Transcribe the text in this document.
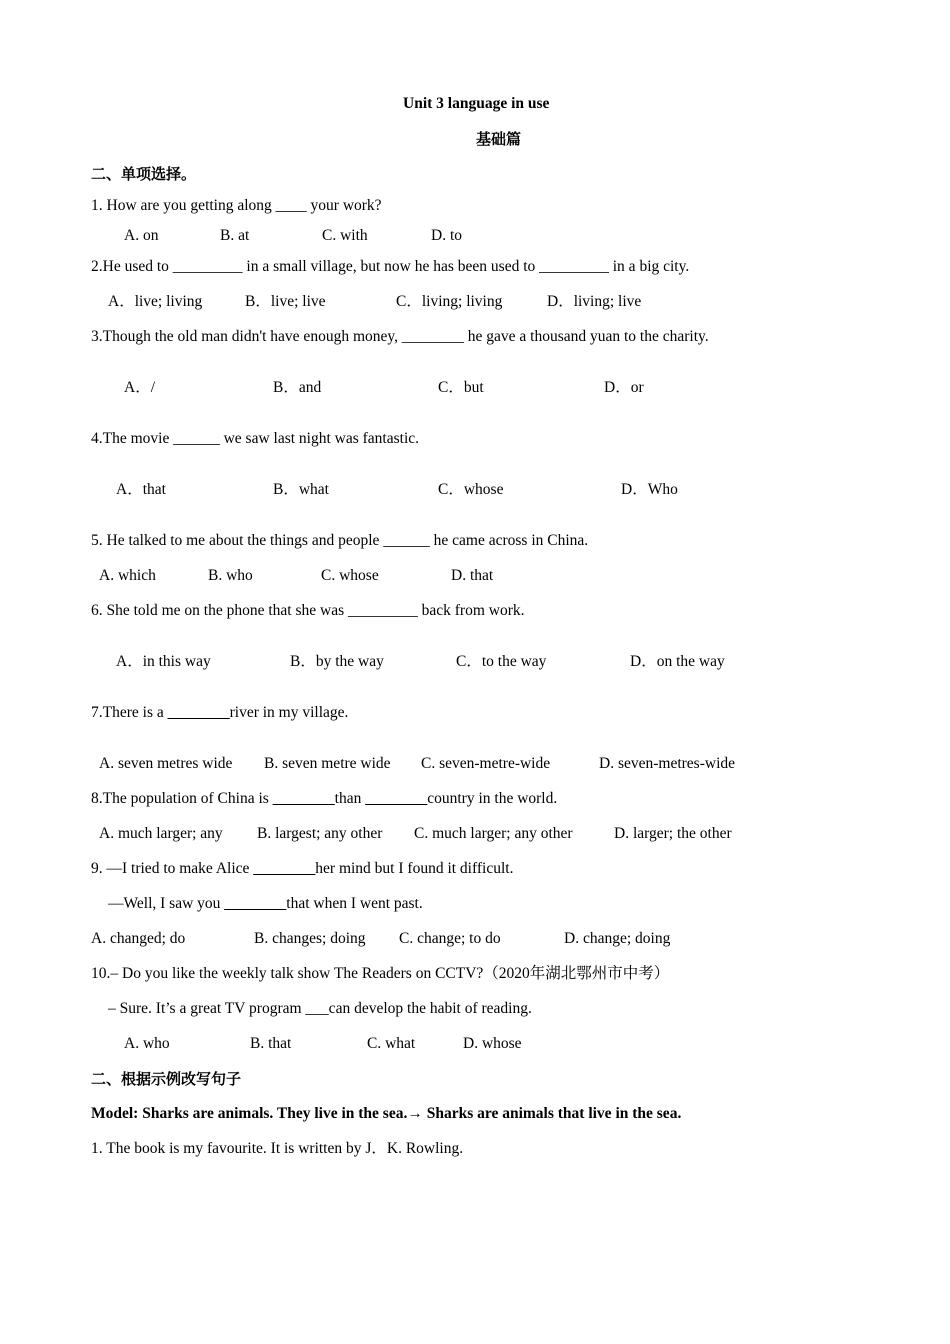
Unit 3 language in use
基础篇
二、单项选择。
1. How are you getting along ____ your work?
A. on	B. at	C. with	D. to
2.He used to _________ in a small village, but now he has been used to _________ in a big city.
A．live; living	B．live; live	C．living; living	D．living; live
3.Though the old man didn't have enough money, ________ he gave a thousand yuan to the charity.
A．/	B．and	C．but	D．or
4.The movie ______ we saw last night was fantastic.
A．that	B．what	C．whose	D．Who
5. He talked to me about the things and people ______ he came across in China.
A. which	B. who	C. whose	D. that
6. She told me on the phone that she was _________ back from work.
A．in this way	B．by the way	C．to the way	D．on the way
7.There is a ________river in my village.
A. seven metres wide B. seven metre wide C. seven-metre-wide	D. seven-metres-wide
8.The population of China is ________than ________country in the world.
A. much larger; any B. largest; any other C. much larger; any other	D. larger; the other
9. —I tried to make Alice ________her mind but I found it difficult.
—Well, I saw you ________that when I went past.
A. changed; do	B. changes; doing C. change; to do	D. change; doing
10.– Do you like the weekly talk show The Readers on CCTV?（2020年湖北鄂州市中考）
– Sure. It’s a great TV program ___can develop the habit of reading.
A. who	B. that	C. what	D. whose
二、根据示例改写句子
Model: Sharks are animals. They live in the sea.→ Sharks are animals that live in the sea.
1. The book is my favourite. It is written by J．K. Rowling.
